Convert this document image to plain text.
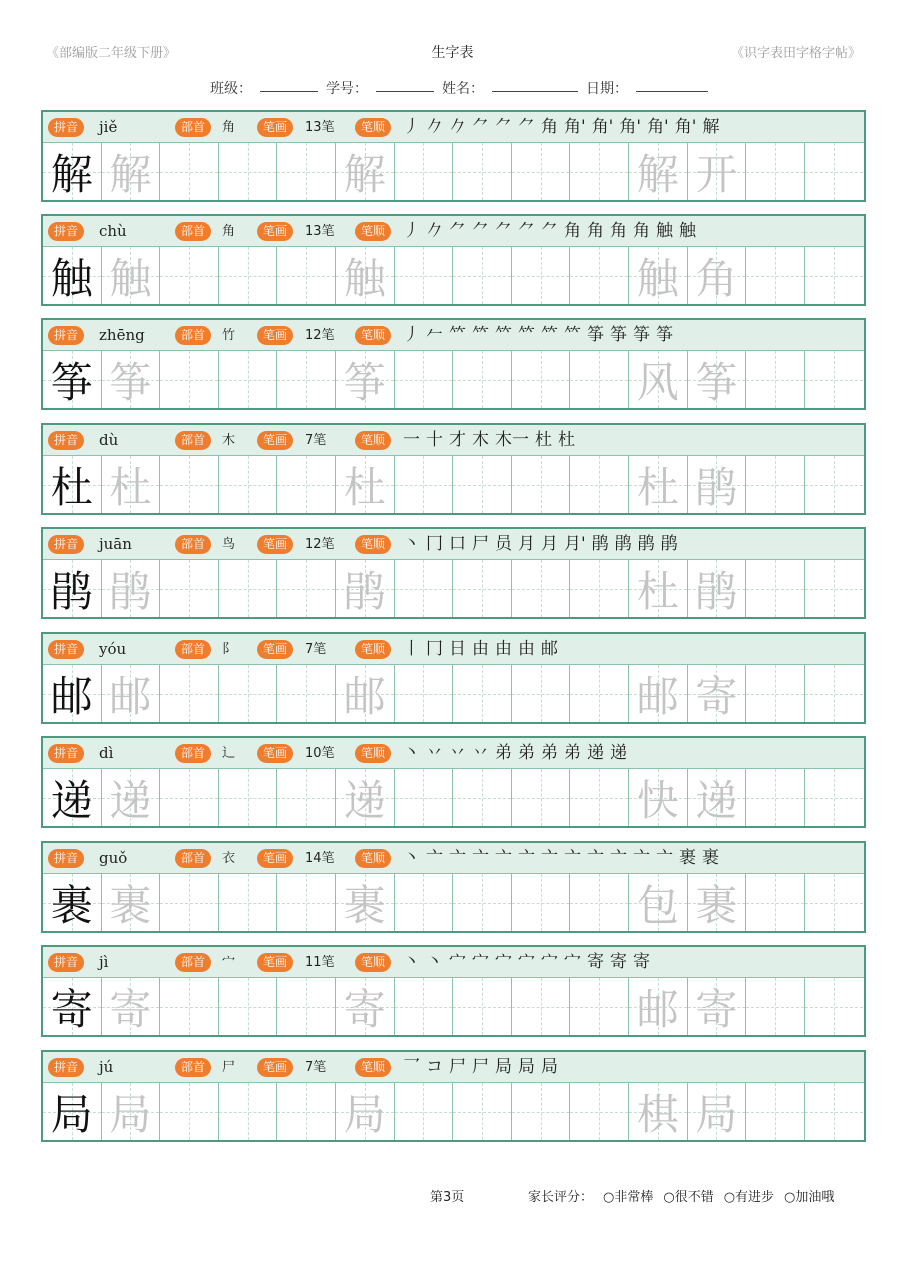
《部编版二年级下册》	生字表	《识字表田字格字帖》
班级：	学号：	姓名：	日期：
拼音	jiě	部首	角	笔画	13笔	笔顺	丿 𠂊 𠂊 ⺈ ⺈ ⺈ 角 角' 角' 角' 角' 角' 解
解 解	解	解 开
拼音	chù	部首	角	笔画	13笔	笔顺	丿 𠂊 ⺈ ⺈ ⺈ ⺈ ⺈ 角 角 角 角 触 触
触 触	触	触 角
拼音	zhēng	部首	竹	笔画	12笔	笔顺	丿 𠂉 𥫗 𥫗 𥫗 𥫗 𥫗 𥫗 筝 筝 筝 筝
筝 筝	筝	风 筝
拼音	dù	部首	木	笔画	7笔	笔顺	一 十 才 木 木一 杜 杜
杜 杜	杜	杜 鹃
拼音	juān	部首	鸟	笔画	12笔	笔顺	丶 冂 口 尸 员 月 月 月' 鹃 鹃 鹃 鹃
鹃 鹃	鹃	杜 鹃
拼音	yóu	部首	阝	笔画	7笔	笔顺	丨 冂 日 由 由 由 邮
邮 邮	邮	邮 寄
拼音	dì	部首	辶	笔画	10笔	笔顺	丶 丷 丷 丷 弟 弟 弟 弟 递 递
递 递	递	快 递
拼音	guǒ	部首	衣	笔画	14笔	笔顺	丶 亠 亠 亠 亠 亠 亠 亠 亠 亠 亠 亠 裹 裹
裹 裹	裹	包 裹
拼音	jì	部首	宀	笔画	11笔	笔顺	丶 丶 宀 宀 宀 宀 宀 宀 寄 寄 寄
寄 寄	寄	邮 寄
拼音	jú	部首	尸	笔画	7笔	笔顺	乛 コ 尸 尸 局 局 局
局 局	局	棋 局
第3页	家长评分： ○非常棒 ○很不错 ○有进步 ○加油哦
